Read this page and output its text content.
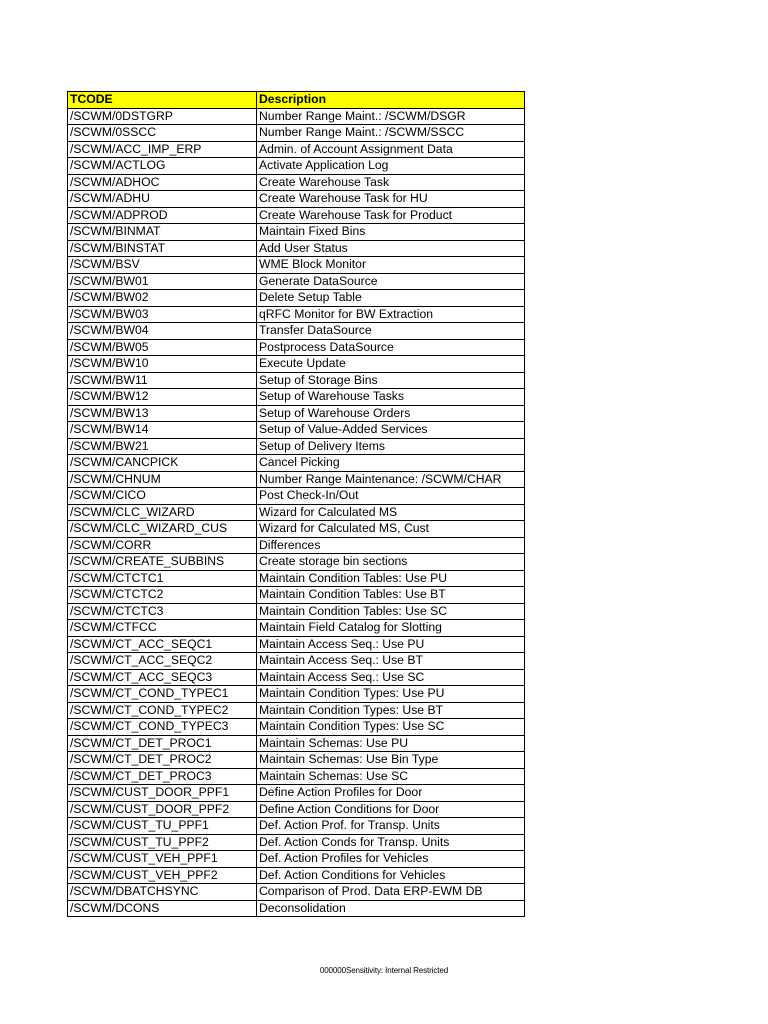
TCODE	Description
/SCWM/0DSTGRP	Number Range Maint.: /SCWM/DSGR
/SCWM/0SSCC	Number Range Maint.: /SCWM/SSCC
/SCWM/ACC_IMP_ERP	Admin. of Account Assignment Data
/SCWM/ACTLOG	Activate Application Log
/SCWM/ADHOC	Create Warehouse Task
/SCWM/ADHU	Create Warehouse Task for HU
/SCWM/ADPROD	Create Warehouse Task for Product
/SCWM/BINMAT	Maintain Fixed Bins
/SCWM/BINSTAT	Add User Status
/SCWM/BSV	WME Block Monitor
/SCWM/BW01	Generate DataSource
/SCWM/BW02	Delete Setup Table
/SCWM/BW03	qRFC Monitor for BW Extraction
/SCWM/BW04	Transfer DataSource
/SCWM/BW05	Postprocess DataSource
/SCWM/BW10	Execute Update
/SCWM/BW11	Setup of Storage Bins
/SCWM/BW12	Setup of Warehouse Tasks
/SCWM/BW13	Setup of Warehouse Orders
/SCWM/BW14	Setup of Value-Added Services
/SCWM/BW21	Setup of Delivery Items
/SCWM/CANCPICK	Cancel Picking
/SCWM/CHNUM	Number Range Maintenance: /SCWM/CHAR
/SCWM/CICO	Post Check-In/Out
/SCWM/CLC_WIZARD	Wizard for Calculated MS
/SCWM/CLC_WIZARD_CUS	Wizard for Calculated MS, Cust
/SCWM/CORR	Differences
/SCWM/CREATE_SUBBINS	Create storage bin sections
/SCWM/CTCTC1	Maintain Condition Tables: Use PU
/SCWM/CTCTC2	Maintain Condition Tables: Use BT
/SCWM/CTCTC3	Maintain Condition Tables: Use SC
/SCWM/CTFCC	Maintain Field Catalog for Slotting
/SCWM/CT_ACC_SEQC1	Maintain Access Seq.: Use PU
/SCWM/CT_ACC_SEQC2	Maintain Access Seq.: Use BT
/SCWM/CT_ACC_SEQC3	Maintain Access Seq.: Use SC
/SCWM/CT_COND_TYPEC1	Maintain Condition Types: Use PU
/SCWM/CT_COND_TYPEC2	Maintain Condition Types: Use BT
/SCWM/CT_COND_TYPEC3	Maintain Condition Types: Use SC
/SCWM/CT_DET_PROC1	Maintain Schemas: Use PU
/SCWM/CT_DET_PROC2	Maintain Schemas: Use Bin Type
/SCWM/CT_DET_PROC3	Maintain Schemas: Use SC
/SCWM/CUST_DOOR_PPF1	Define Action Profiles for Door
/SCWM/CUST_DOOR_PPF2	Define Action Conditions for Door
/SCWM/CUST_TU_PPF1	Def. Action Prof. for Transp. Units
/SCWM/CUST_TU_PPF2	Def. Action Conds for Transp. Units
/SCWM/CUST_VEH_PPF1	Def. Action Profiles for Vehicles
/SCWM/CUST_VEH_PPF2	Def. Action Conditions for Vehicles
/SCWM/DBATCHSYNC	Comparison of Prod. Data ERP-EWM DB
/SCWM/DCONS	Deconsolidation
000000Sensitivity: Internal Restricted
